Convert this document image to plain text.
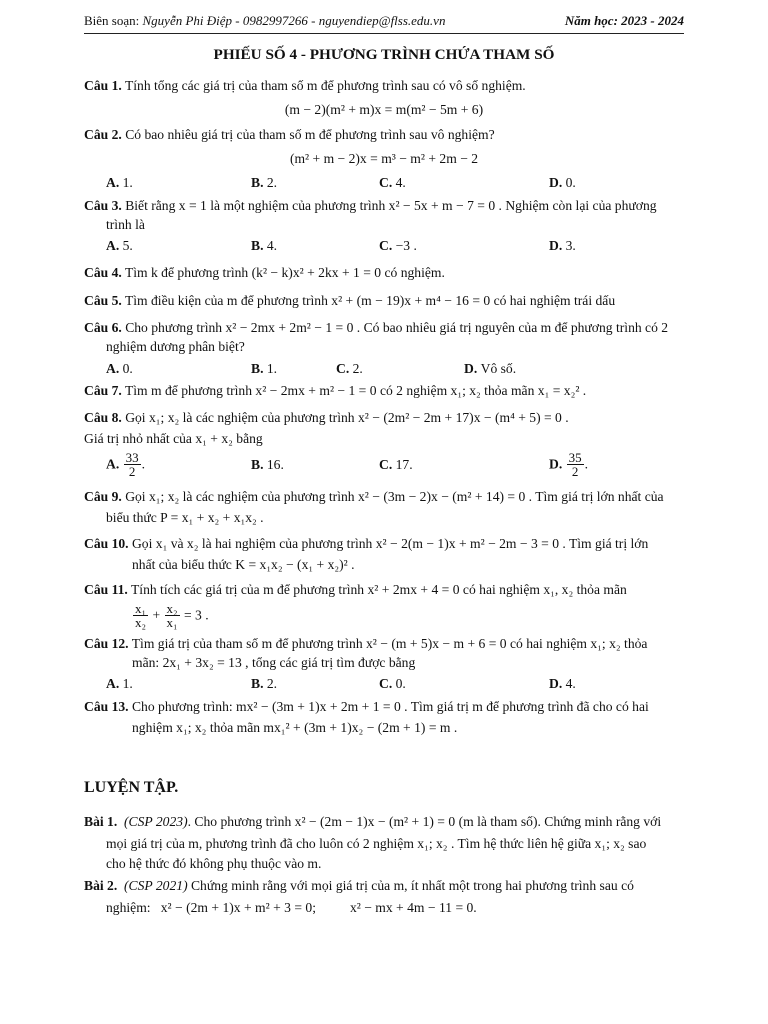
Biên soạn: Nguyễn Phi Điệp - 0982997266 - nguyendiep@flss.edu.vn	Năm học: 2023 - 2024
PHIẾU SỐ 4 - PHƯƠNG TRÌNH CHỨA THAM SỐ
Câu 1. Tính tổng các giá trị của tham số m để phương trình sau có vô số nghiệm.
(m − 2)(m² + m)x = m(m² − 5m + 6)
Câu 2. Có bao nhiêu giá trị của tham số m để phương trình sau vô nghiệm?
(m² + m − 2)x = m³ − m² + 2m − 2
A. 1.	B. 2.	C. 4.	D. 0.
Câu 3. Biết rằng x = 1 là một nghiệm của phương trình x² − 5x + m − 7 = 0 . Nghiệm còn lại của phương
trình là
A. 5.	B. 4.	C. −3 .	D. 3.
Câu 4. Tìm k để phương trình (k² − k)x² + 2kx + 1 = 0 có nghiệm.
Câu 5. Tìm điều kiện của m để phương trình x² + (m − 19)x + m⁴ − 16 = 0 có hai nghiệm trái dấu
Câu 6. Cho phương trình x² − 2mx + 2m² − 1 = 0 . Có bao nhiêu giá trị nguyên của m để phương trình có 2
nghiệm dương phân biệt?
A. 0.	B. 1.	C. 2.	D. Vô số.
Câu 7. Tìm m để phương trình x² − 2mx + m² − 1 = 0 có 2 nghiệm x₁; x₂ thỏa mãn x₁ = x₂² .
Câu 8. Gọi x₁; x₂ là các nghiệm của phương trình x² − (2m² − 2m + 17)x − (m⁴ + 5) = 0 .
Giá trị nhỏ nhất của x₁ + x₂ bằng
A. $\frac{33}{2}$ .	B. 16.	C. 17.	D. $\frac{35}{2}$ .
Câu 9. Gọi x₁; x₂ là các nghiệm của phương trình x² − (3m − 2)x − (m² + 14) = 0 . Tìm giá trị lớn nhất của
biểu thức P = x₁ + x₂ + x₁x₂ .
Câu 10. Gọi x₁ và x₂ là hai nghiệm của phương trình x² − 2(m − 1)x + m² − 2m − 3 = 0 . Tìm giá trị lớn
nhất của biểu thức K = x₁x₂ − (x₁ + x₂)² .
Câu 11. Tính tích các giá trị của m để phương trình x² + 2mx + 4 = 0 có hai nghiệm x₁, x₂ thỏa mãn
$\frac{\text{x₁}}{\text{x₂}} + \frac{\text{x₂}}{\text{x₁}} = 3$ .
Câu 12. Tìm giá trị của tham số m để phương trình x² − (m + 5)x − m + 6 = 0 có hai nghiệm x₁; x₂ thỏa
mãn: 2x₁ + 3x₂ = 13 , tổng các giá trị tìm được bằng
A. 1.	B. 2.	C. 0.	D. 4.
Câu 13. Cho phương trình: mx² − (3m + 1)x + 2m + 1 = 0 . Tìm giá trị m để phương trình đã cho có hai
nghiệm x₁; x₂ thỏa mãn mx₁² + (3m + 1)x₂ − (2m + 1) = m .
LUYỆN TẬP.
Bài 1. (CSP 2023). Cho phương trình x² − (2m − 1)x − (m² + 1) = 0 (m là tham số). Chứng minh rằng với
mọi giá trị của m, phương trình đã cho luôn có 2 nghiệm x₁; x₂ . Tìm hệ thức liên hệ giữa x₁; x₂ sao
cho hệ thức đó không phụ thuộc vào m.
Bài 2. (CSP 2021) Chứng minh rằng với mọi giá trị của m, ít nhất một trong hai phương trình sau có
nghiệm:   x² − (2m + 1)x + m² + 3 = 0;          x² − mx + 4m − 11 = 0.
